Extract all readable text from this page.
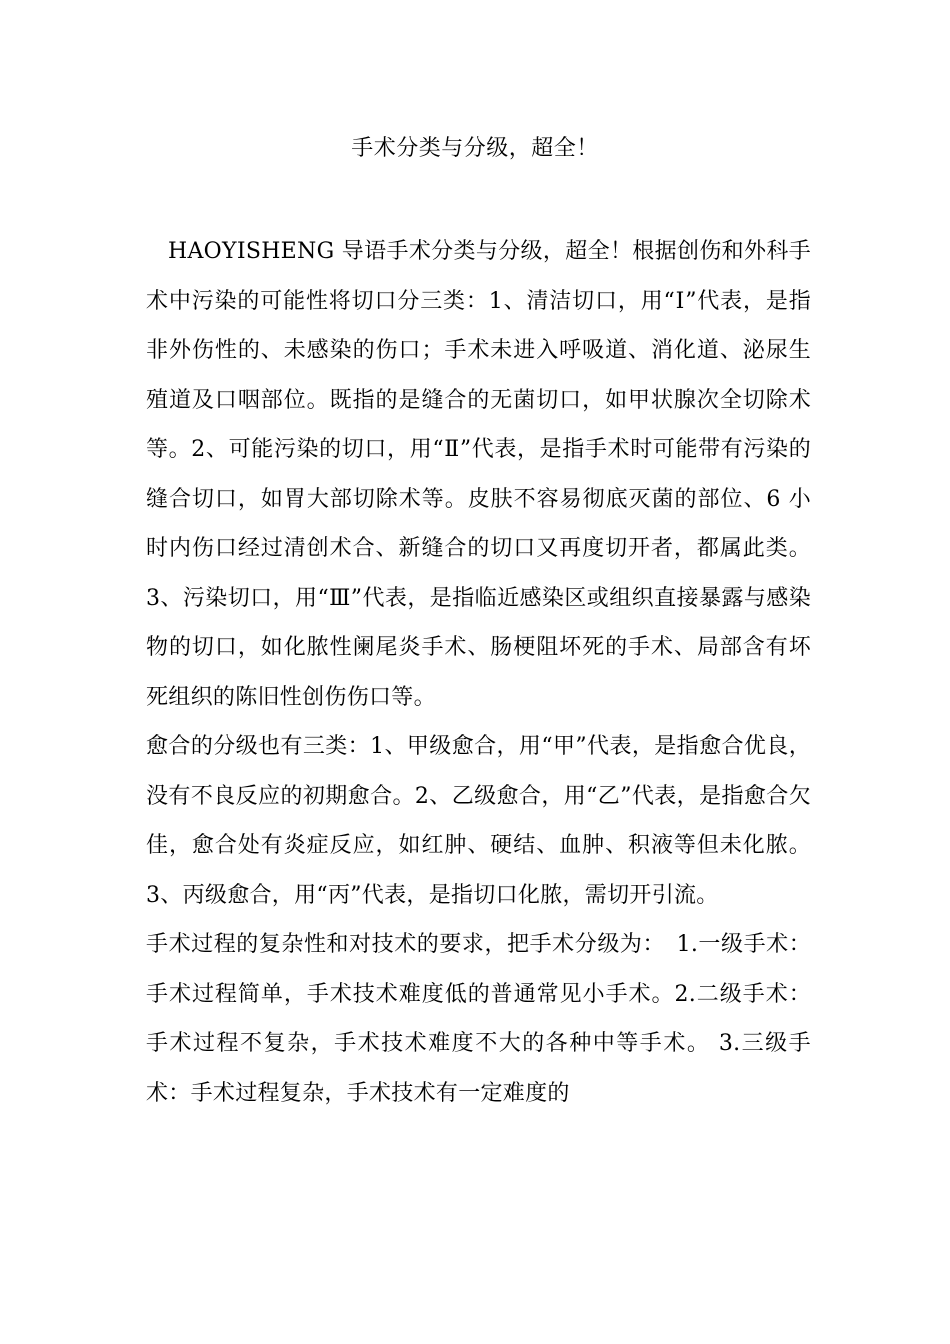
手术分类与分级，超全！

HAOYISHENG 导语手术分类与分级，超全！根据创伤和外科手术中污染的可能性将切口分三类：1、清洁切口，用“Ⅰ”代表，是指非外伤性的、未感染的伤口；手术未进入呼吸道、消化道、泌尿生殖道及口咽部位。既指的是缝合的无菌切口，如甲状腺次全切除术等。2、可能污染的切口，用“Ⅱ”代表，是指手术时可能带有污染的缝合切口，如胃大部切除术等。皮肤不容易彻底灭菌的部位、6 小时内伤口经过清创术合、新缝合的切口又再度切开者，都属此类。3、污染切口，用“Ⅲ”代表，是指临近感染区或组织直接暴露与感染物的切口，如化脓性阑尾炎手术、肠梗阻坏死的手术、局部含有坏死组织的陈旧性创伤伤口等。

愈合的分级也有三类：1、甲级愈合，用“甲”代表，是指愈合优良，没有不良反应的初期愈合。2、乙级愈合，用“乙”代表，是指愈合欠佳，愈合处有炎症反应，如红肿、硬结、血肿、积液等但未化脓。3、丙级愈合，用“丙”代表，是指切口化脓，需切开引流。

手术过程的复杂性和对技术的要求，把手术分级为：　1.一级手术：手术过程简单，手术技术难度低的普通常见小手术。2.二级手术：手术过程不复杂，手术技术难度不大的各种中等手术。 3.三级手术：手术过程复杂，手术技术有一定难度的
